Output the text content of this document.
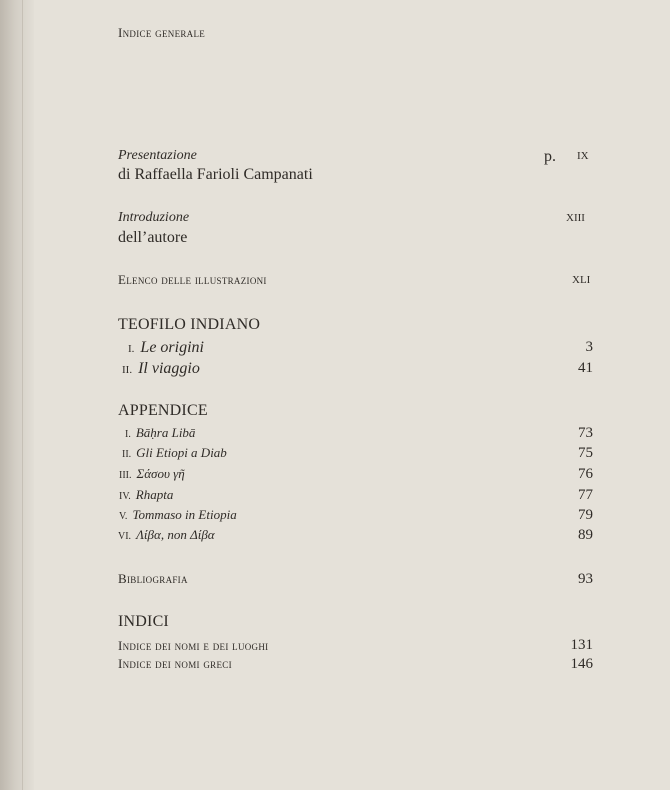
Indice generale
Presentazione	p. IX
di Raffaella Farioli Campanati
Introduzione	XIII
dell’autore
Elenco delle illustrazioni	XLI
TEOFILO INDIANO
I. Le origini	3
II. Il viaggio	41
APPENDICE
I. Bāḥra Libā	73
II. Gli Etiopi a Diab	75
III. Σάσου γῆ	76
IV. Rhapta	77
V. Tommaso in Etiopia	79
VI. Λίβα, non Δίβα	89
Bibliografia	93
INDICI
Indice dei nomi e dei luoghi	131
Indice dei nomi greci	146
